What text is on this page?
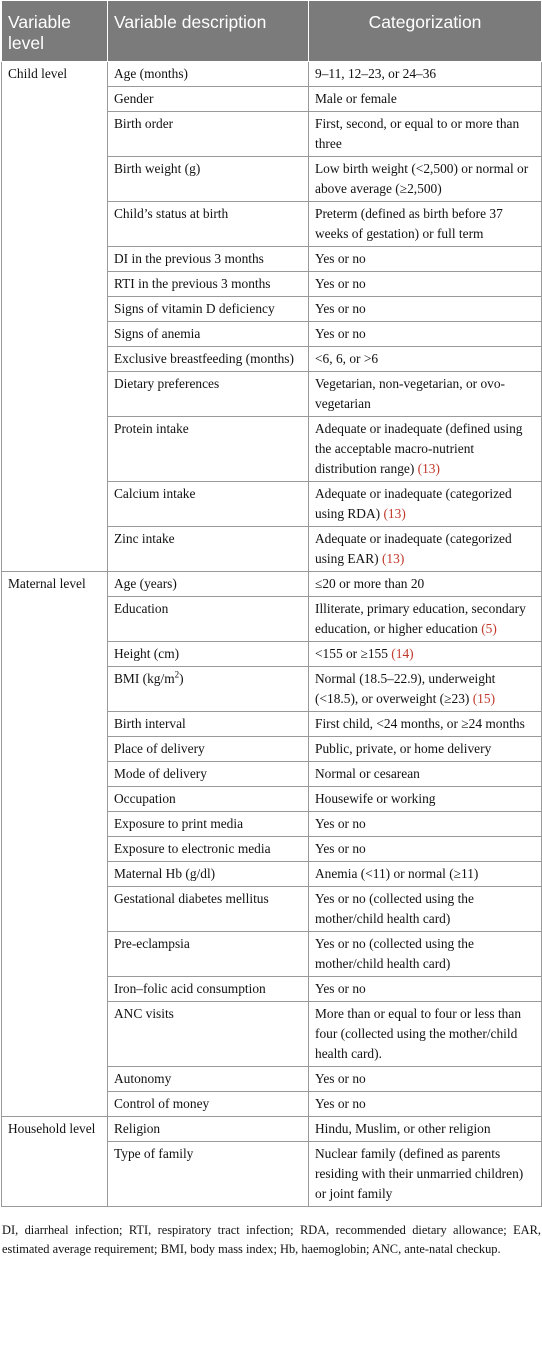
Variable level	Variable description	Categorization
Child level	Age (months)	9–11, 12–23, or 24–36
	Gender	Male or female
	Birth order	First, second, or equal to or more than three
	Birth weight (g)	Low birth weight (<2,500) or normal or above average (≥2,500)
	Child’s status at birth	Preterm (defined as birth before 37 weeks of gestation) or full term
	DI in the previous 3 months	Yes or no
	RTI in the previous 3 months	Yes or no
	Signs of vitamin D deficiency	Yes or no
	Signs of anemia	Yes or no
	Exclusive breastfeeding (months)	<6, 6, or >6
	Dietary preferences	Vegetarian, non-vegetarian, or ovo-vegetarian
	Protein intake	Adequate or inadequate (defined using the acceptable macro-nutrient distribution range) (13)
	Calcium intake	Adequate or inadequate (categorized using RDA) (13)
	Zinc intake	Adequate or inadequate (categorized using EAR) (13)
Maternal level	Age (years)	≤20 or more than 20
	Education	Illiterate, primary education, secondary education, or higher education (5)
	Height (cm)	<155 or ≥155 (14)
	BMI $(kg/m^2)$	Normal (18.5–22.9), underweight (<18.5), or overweight (≥23) (15)
	Birth interval	First child, <24 months, or ≥24 months
	Place of delivery	Public, private, or home delivery
	Mode of delivery	Normal or cesarean
	Occupation	Housewife or working
	Exposure to print media	Yes or no
	Exposure to electronic media	Yes or no
	Maternal Hb (g/dl)	Anemia (<11) or normal (≥11)
	Gestational diabetes mellitus	Yes or no (collected using the mother/child health card)
	Pre-eclampsia	Yes or no (collected using the mother/child health card)
	Iron–folic acid consumption	Yes or no
	ANC visits	More than or equal to four or less than four (collected using the mother/child health card).
	Autonomy	Yes or no
	Control of money	Yes or no
Household level	Religion	Hindu, Muslim, or other religion
	Type of family	Nuclear family (defined as parents residing with their unmarried children) or joint family

DI, diarrheal infection; RTI, respiratory tract infection; RDA, recommended dietary allowance; EAR, estimated average requirement; BMI, body mass index; Hb, haemoglobin; ANC, ante-natal checkup.
